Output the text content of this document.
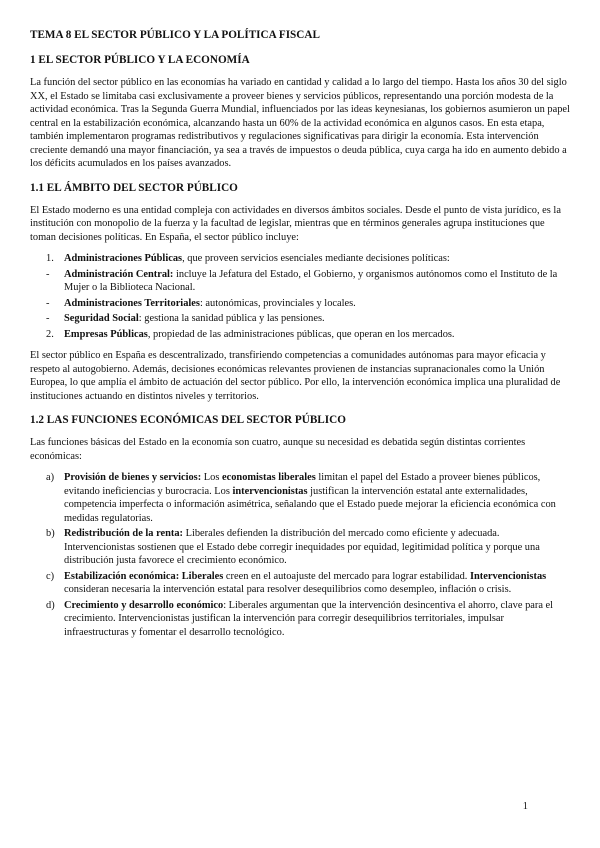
TEMA 8 EL SECTOR PÚBLICO Y LA POLÍTICA FISCAL
1 EL SECTOR PÚBLICO Y LA ECONOMÍA

La función del sector público en las economías ha variado en cantidad y calidad a lo largo del tiempo. Hasta los años 30 del siglo XX, el Estado se limitaba casi exclusivamente a proveer bienes y servicios públicos, representando una porción modesta de la actividad económica. Tras la Segunda Guerra Mundial, influenciados por las ideas keynesianas, los gobiernos asumieron un papel central en la estabilización económica, alcanzando hasta un 60% de la actividad económica en algunos casos. En esta etapa, también implementaron programas redistributivos y regulaciones significativas para dirigir la economía. Esta intervención creciente demandó una mayor financiación, ya sea a través de impuestos o deuda pública, cuya carga ha ido en aumento debido a los déficits acumulados en los países avanzados.

1.1 EL ÁMBITO DEL SECTOR PÚBLICO

El Estado moderno es una entidad compleja con actividades en diversos ámbitos sociales. Desde el punto de vista jurídico, es la institución con monopolio de la fuerza y la facultad de legislar, mientras que en términos generales agrupa instituciones que toman decisiones políticas. En España, el sector público incluye:

1. Administraciones Públicas, que proveen servicios esenciales mediante decisiones políticas:
-	Administración Central: incluye la Jefatura del Estado, el Gobierno, y organismos autónomos como el Instituto de la Mujer o la Biblioteca Nacional.
-	Administraciones Territoriales: autonómicas, provinciales y locales.
-	Seguridad Social: gestiona la sanidad pública y las pensiones.
2. Empresas Públicas, propiedad de las administraciones públicas, que operan en los mercados.

El sector público en España es descentralizado, transfiriendo competencias a comunidades autónomas para mayor eficacia y respeto al autogobierno. Además, decisiones económicas relevantes provienen de instancias supranacionales como la Unión Europea, lo que amplía el ámbito de actuación del sector público. Por ello, la intervención económica implica una pluralidad de instituciones actuando en distintos niveles y territorios.

1.2 LAS FUNCIONES ECONÓMICAS DEL SECTOR PÚBLICO

Las funciones básicas del Estado en la economía son cuatro, aunque su necesidad es debatida según distintas corrientes económicas:

a) Provisión de bienes y servicios: Los economistas liberales limitan el papel del Estado a proveer bienes públicos, evitando ineficiencias y burocracia. Los intervencionistas justifican la intervención estatal ante externalidades, competencia imperfecta o información asimétrica, señalando que el Estado puede mejorar la eficiencia económica con medidas regulatorias.
b) Redistribución de la renta: Liberales defienden la distribución del mercado como eficiente y adecuada. Intervencionistas sostienen que el Estado debe corregir inequidades por equidad, legitimidad política y porque una distribución justa favorece el crecimiento económico.
c) Estabilización económica: Liberales creen en el autoajuste del mercado para lograr estabilidad. Intervencionistas consideran necesaria la intervención estatal para resolver desequilibrios como desempleo, inflación o crisis.
d) Crecimiento y desarrollo económico: Liberales argumentan que la intervención desincentiva el ahorro, clave para el crecimiento. Intervencionistas justifican la intervención para corregir desequilibrios territoriales, impulsar infraestructuras y fomentar el desarrollo tecnológico.
1
